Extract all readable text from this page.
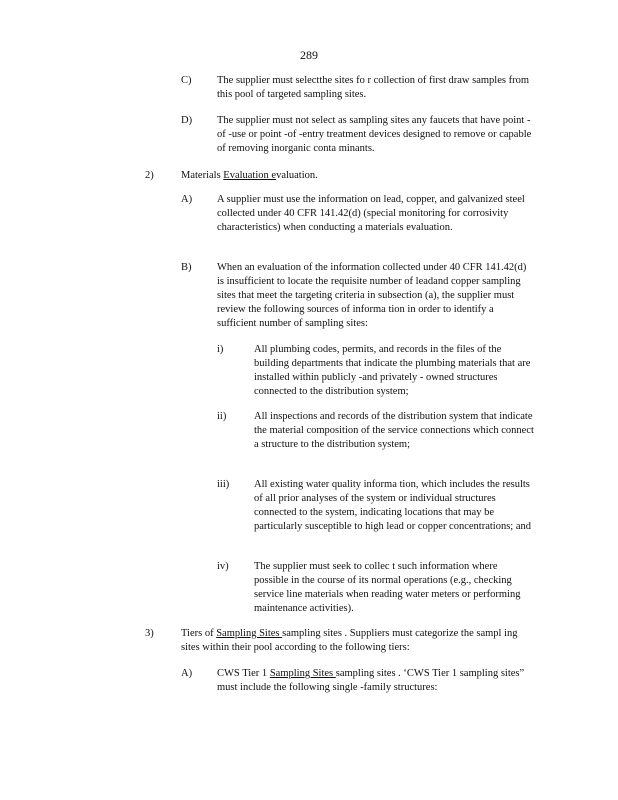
289
C) The supplier must selectthe sites fo r collection of first draw samples from this pool of targeted sampling sites.
D) The supplier must not select as sampling sites any faucets that have point -of -use or point -of -entry treatment devices designed to remove or capable of removing inorganic conta minants.
2)	Materials Evaluation evaluation.
A) A supplier must use the information on lead, copper, and galvanized steel collected under 40 CFR 141.42(d) (special monitoring for corrosivity characteristics) when conducting a materials evaluation.
B) When an evaluation of the information collected under 40 CFR 141.42(d) is insufficient to locate the requisite number of leadand copper sampling sites that meet the targeting criteria in subsection (a), the supplier must review the following sources of informa tion in order to identify a sufficient number of sampling sites:
i)	All plumbing codes, permits, and records in the files of the building departments that indicate the plumbing materials that are installed within publicly -and privately - owned structures connected to the distribution system;
ii)	All inspections and records of the distribution system that indicate the material composition of the service connections which connect a structure to the distribution system;
iii) All existing water quality informa tion, which includes the results of all prior analyses of the system or individual structures connected to the system, indicating locations that may be particularly susceptible to high lead or copper concentrations; and
iv) The supplier must seek to collec t such information where possible in the course of its normal operations (e.g., checking service line materials when reading water meters or performing maintenance activities).
3)	Tiers of Sampling Sites sampling sites . Suppliers must categorize the sampl ing sites within their pool according to the following tiers:
A) CWS Tier 1 Sampling Sites sampling sites . ‘CWS Tier 1 sampling sites” must include the following single -family structures:
